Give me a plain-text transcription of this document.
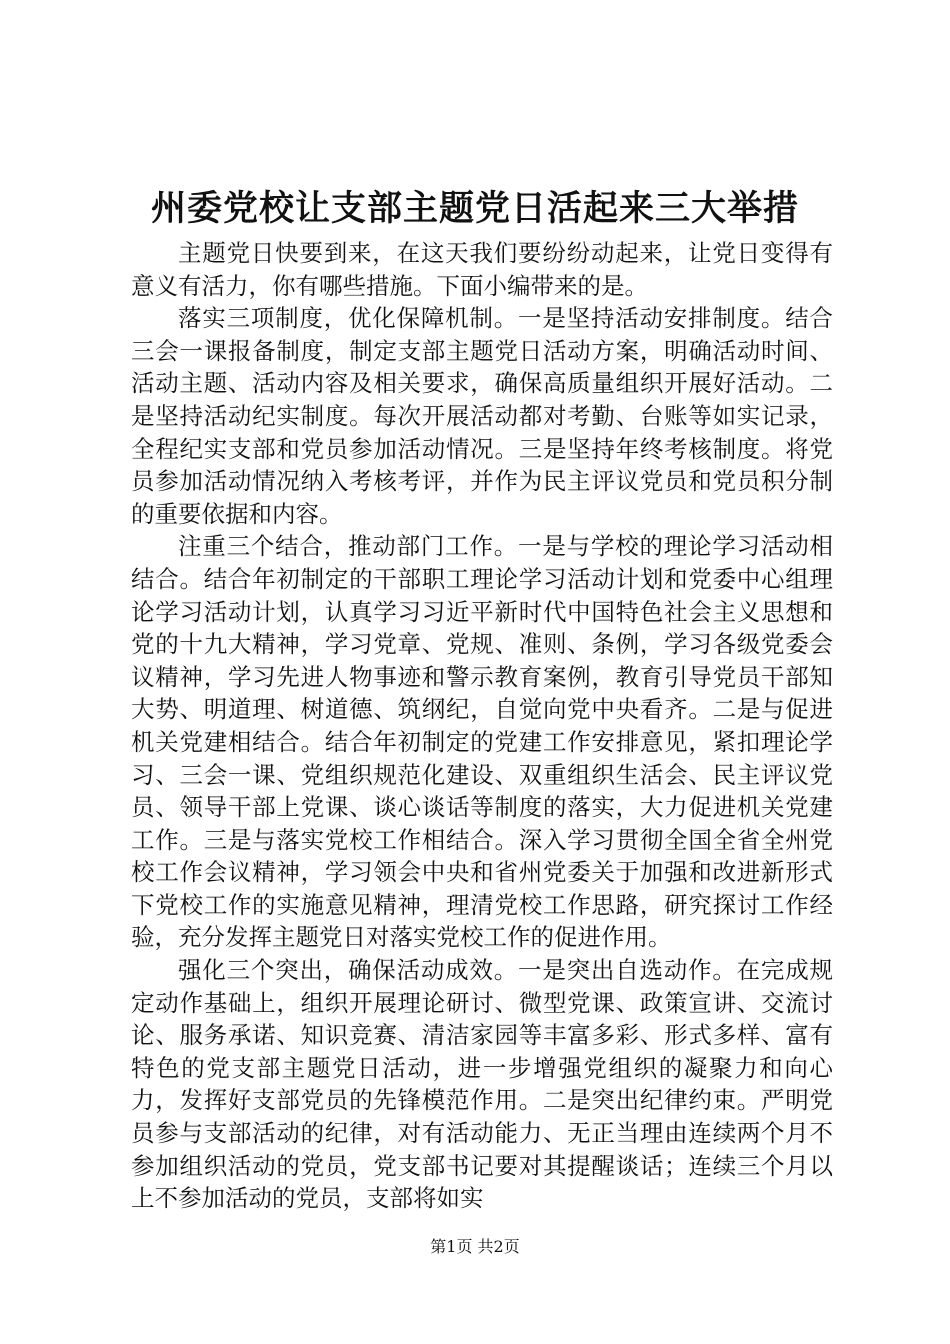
州委党校让支部主题党日活起来三大举措

主题党日快要到来，在这天我们要纷纷动起来，让党日变得有意义有活力，你有哪些措施。下面小编带来的是。

落实三项制度，优化保障机制。一是坚持活动安排制度。结合三会一课报备制度，制定支部主题党日活动方案，明确活动时间、活动主题、活动内容及相关要求，确保高质量组织开展好活动。二是坚持活动纪实制度。每次开展活动都对考勤、台账等如实记录，全程纪实支部和党员参加活动情况。三是坚持年终考核制度。将党员参加活动情况纳入考核考评，并作为民主评议党员和党员积分制的重要依据和内容。

注重三个结合，推动部门工作。一是与学校的理论学习活动相结合。结合年初制定的干部职工理论学习活动计划和党委中心组理论学习活动计划，认真学习习近平新时代中国特色社会主义思想和党的十九大精神，学习党章、党规、准则、条例，学习各级党委会议精神，学习先进人物事迹和警示教育案例，教育引导党员干部知大势、明道理、树道德、筑纲纪，自觉向党中央看齐。二是与促进机关党建相结合。结合年初制定的党建工作安排意见，紧扣理论学习、三会一课、党组织规范化建设、双重组织生活会、民主评议党员、领导干部上党课、谈心谈话等制度的落实，大力促进机关党建工作。三是与落实党校工作相结合。深入学习贯彻全国全省全州党校工作会议精神，学习领会中央和省州党委关于加强和改进新形式下党校工作的实施意见精神，理清党校工作思路，研究探讨工作经验，充分发挥主题党日对落实党校工作的促进作用。

强化三个突出，确保活动成效。一是突出自选动作。在完成规定动作基础上，组织开展理论研讨、微型党课、政策宣讲、交流讨论、服务承诺、知识竞赛、清洁家园等丰富多彩、形式多样、富有特色的党支部主题党日活动，进一步增强党组织的凝聚力和向心力，发挥好支部党员的先锋模范作用。二是突出纪律约束。严明党员参与支部活动的纪律，对有活动能力、无正当理由连续两个月不参加组织活动的党员，党支部书记要对其提醒谈话；连续三个月以上不参加活动的党员，支部将如实

第1页 共2页
